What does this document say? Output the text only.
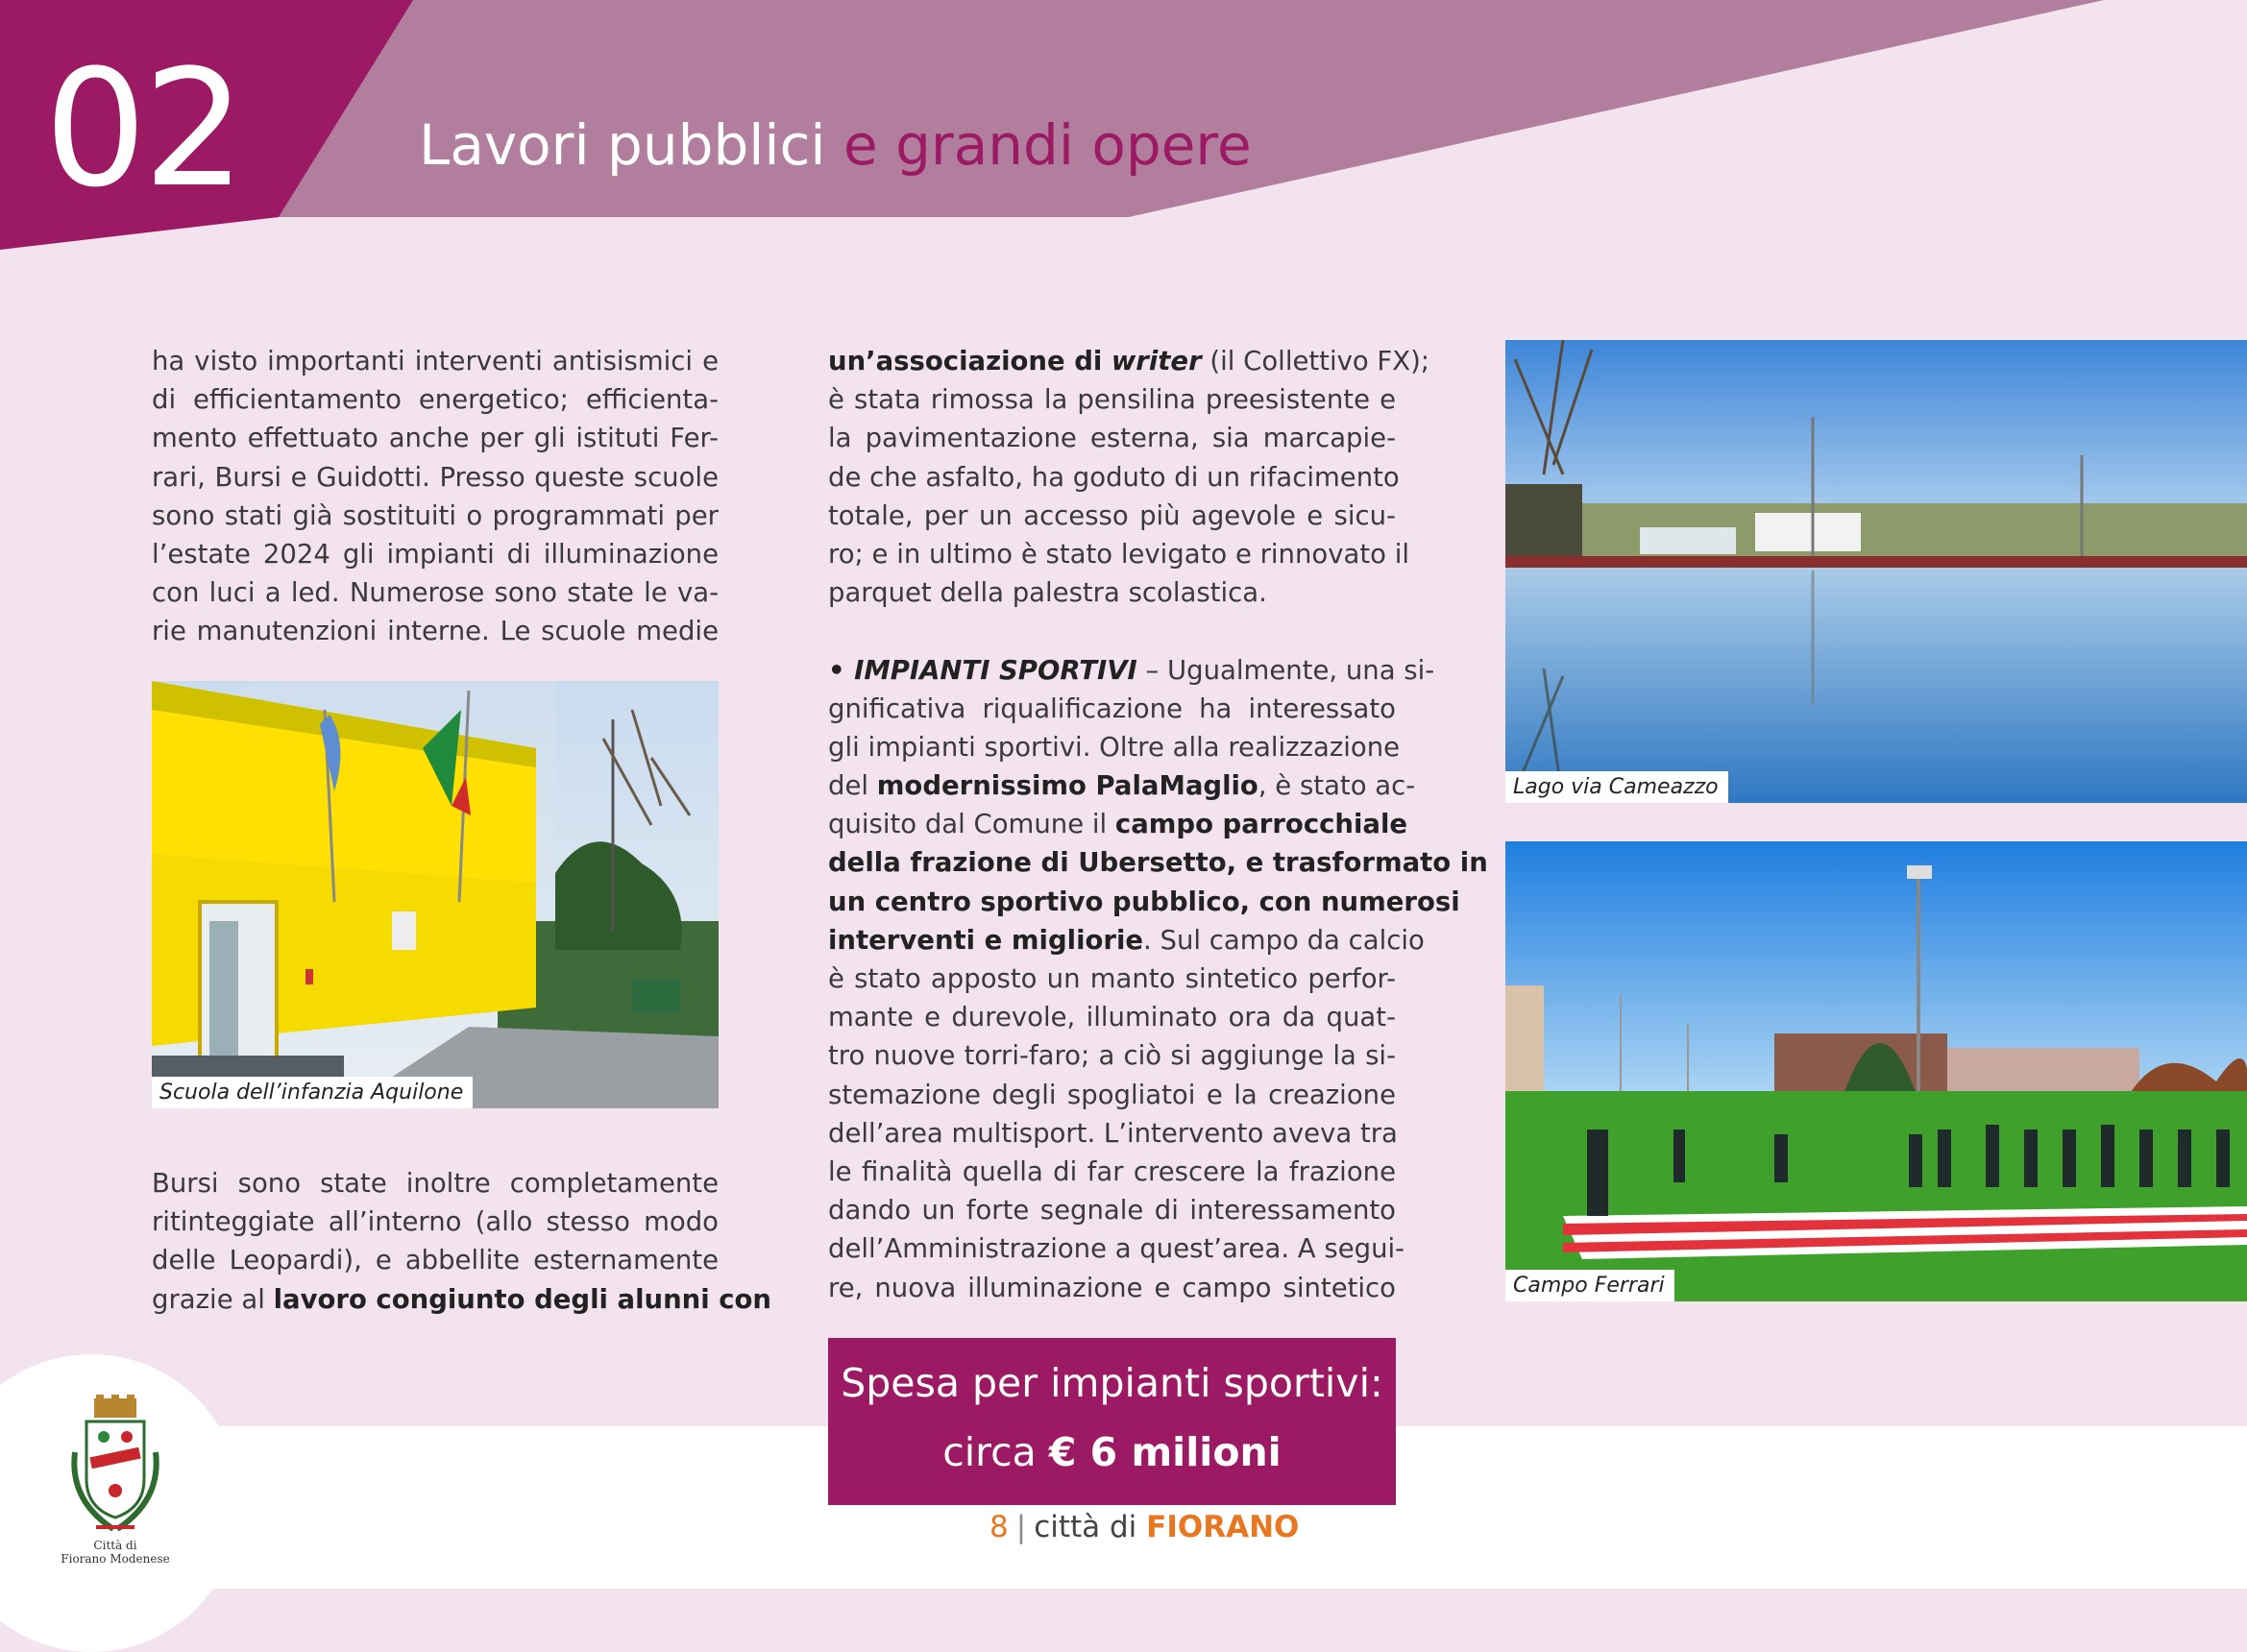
02	Lavori pubblici e grandi opere
ha visto importanti interventi antisismici e
di efficientamento energetico; efficienta-
mento effettuato anche per gli istituti Fer-
rari, Bursi e Guidotti. Presso queste scuole
sono stati già sostituiti o programmati per
l’estate 2024 gli impianti di illuminazione
con luci a led. Numerose sono state le va-
rie manutenzioni interne. Le scuole medie
Scuola dell’infanzia Aquilone
Bursi sono state inoltre completamente
ritinteggiate all’interno (allo stesso modo
delle Leopardi), e abbellite esternamente
grazie al lavoro congiunto degli alunni con
un’associazione di writer (il Collettivo FX);
è stata rimossa la pensilina preesistente e
la pavimentazione esterna, sia marcapie-
de che asfalto, ha goduto di un rifacimento
totale, per un accesso più agevole e sicu-
ro; e in ultimo è stato levigato e rinnovato il
parquet della palestra scolastica.
• IMPIANTI SPORTIVI – Ugualmente, una si-
gnificativa riqualificazione ha interessato
gli impianti sportivi. Oltre alla realizzazione
del modernissimo PalaMaglio, è stato ac-
quisito dal Comune il campo parrocchiale
della frazione di Ubersetto, e trasformato in
un centro sportivo pubblico, con numerosi
interventi e migliorie. Sul campo da calcio
è stato apposto un manto sintetico perfor-
mante e durevole, illuminato ora da quat-
tro nuove torri-faro; a ciò si aggiunge la si-
stemazione degli spogliatoi e la creazione
dell’area multisport. L’intervento aveva tra
le finalità quella di far crescere la frazione
dando un forte segnale di interessamento
dell’Amministrazione a quest’area. A segui-
re, nuova illuminazione e campo sintetico
Spesa per impianti sportivi:
circa € 6 milioni
Lago via Cameazzo
Campo Ferrari
8 | città di FIORANO
Città di
Fiorano Modenese
